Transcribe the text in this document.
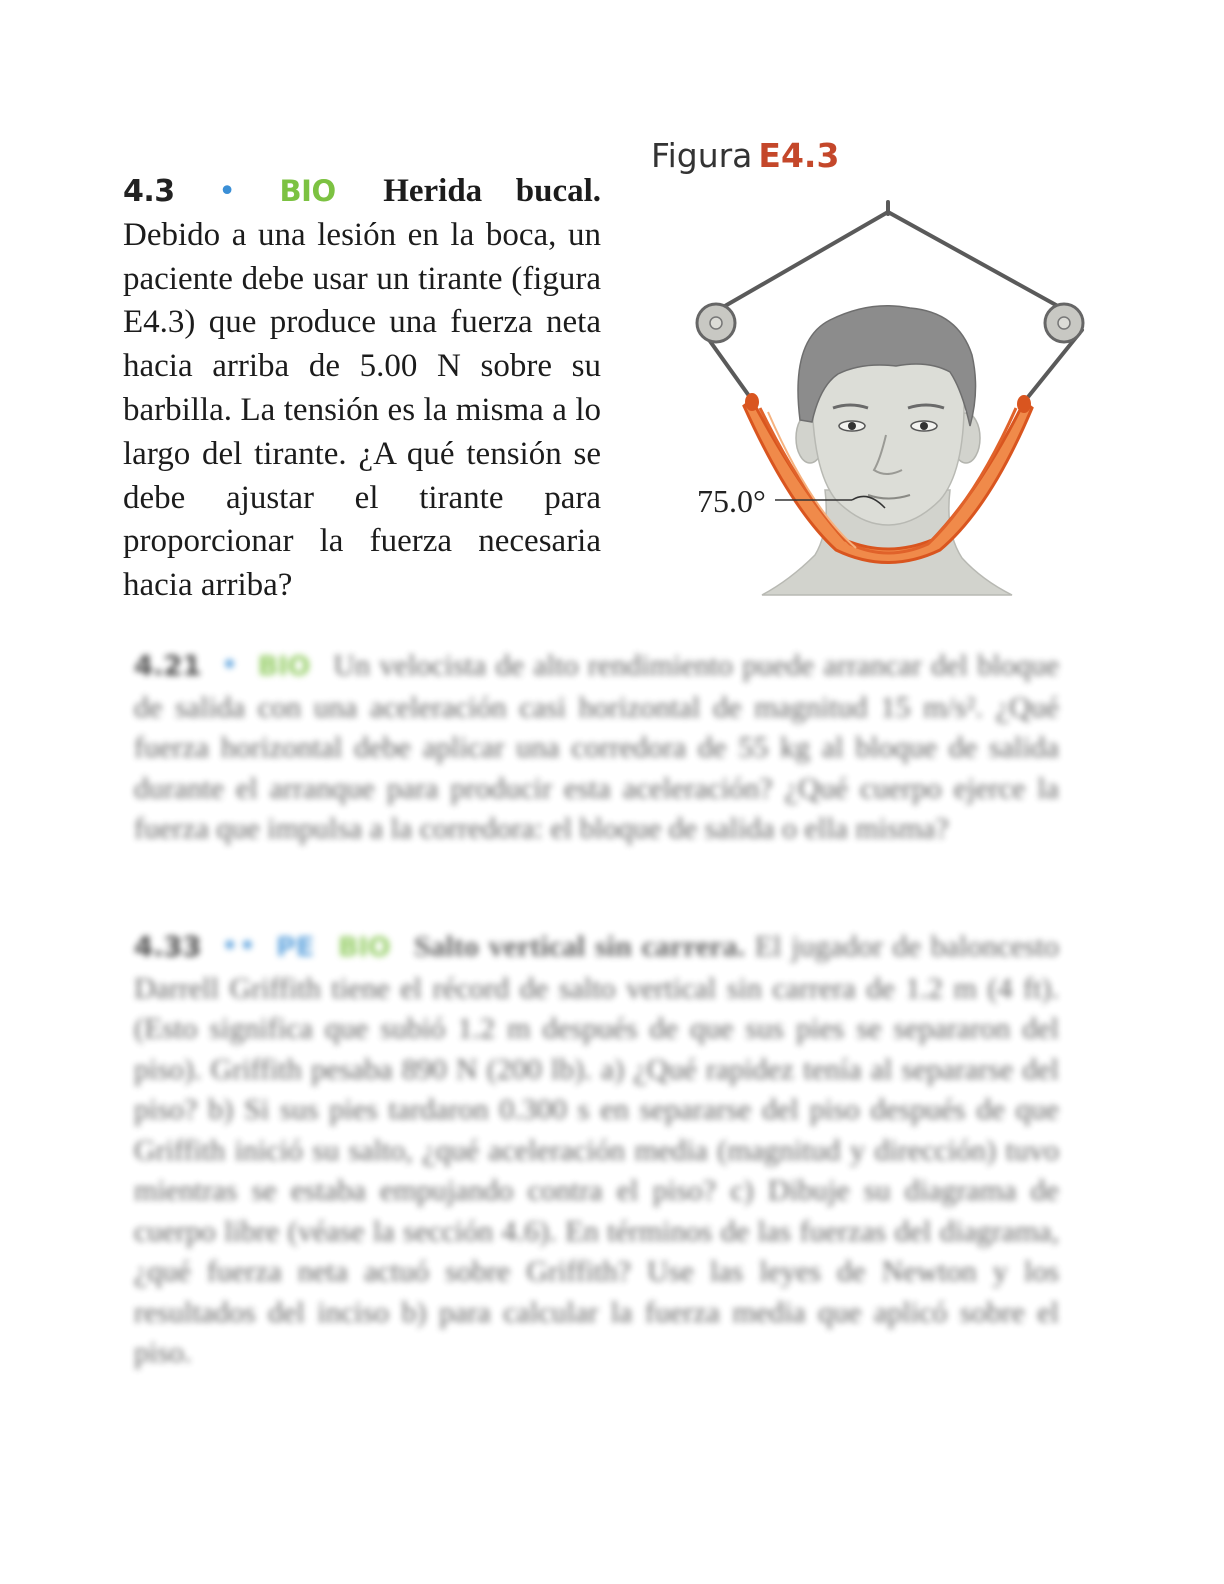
4.3 • BIO Herida bucal. Debido a una lesión en la boca, un paciente debe usar un tirante (figura E4.3) que produce una fuerza neta hacia arriba de 5.00 N sobre su barbilla. La tensión es la misma a lo largo del tirante. ¿A qué tensión se debe ajustar el tirante para proporcionar la fuerza necesaria hacia arriba?
Figura E4.3
75.0°
4.21 • BIO Un velocista de alto rendimiento puede arrancar del bloque de salida con una aceleración casi horizontal de magnitud 15 m/s². ¿Qué fuerza horizontal debe aplicar una corredora de 55 kg al bloque de salida durante el arranque para producir esta aceleración? ¿Qué cuerpo ejerce la fuerza que impulsa a la corredora: el bloque de salida o ella misma?
4.33 •• PE BIO Salto vertical sin carrera. El jugador de baloncesto Darrell Griffith tiene el récord de salto vertical sin carrera de 1.2 m (4 ft). (Esto significa que subió 1.2 m después de que sus pies se separaron del piso). Griffith pesaba 890 N (200 lb). a) ¿Qué rapidez tenía al separarse del piso? b) Si sus pies tardaron 0.300 s en separarse del piso después de que Griffith inició su salto, ¿qué aceleración media (magnitud y dirección) tuvo mientras se estaba empujando contra el piso? c) Dibuje su diagrama de cuerpo libre (véase la sección 4.6). En términos de las fuerzas del diagrama, ¿qué fuerza neta actuó sobre Griffith? Use las leyes de Newton y los resultados del inciso b) para calcular la fuerza media que aplicó sobre el piso.
